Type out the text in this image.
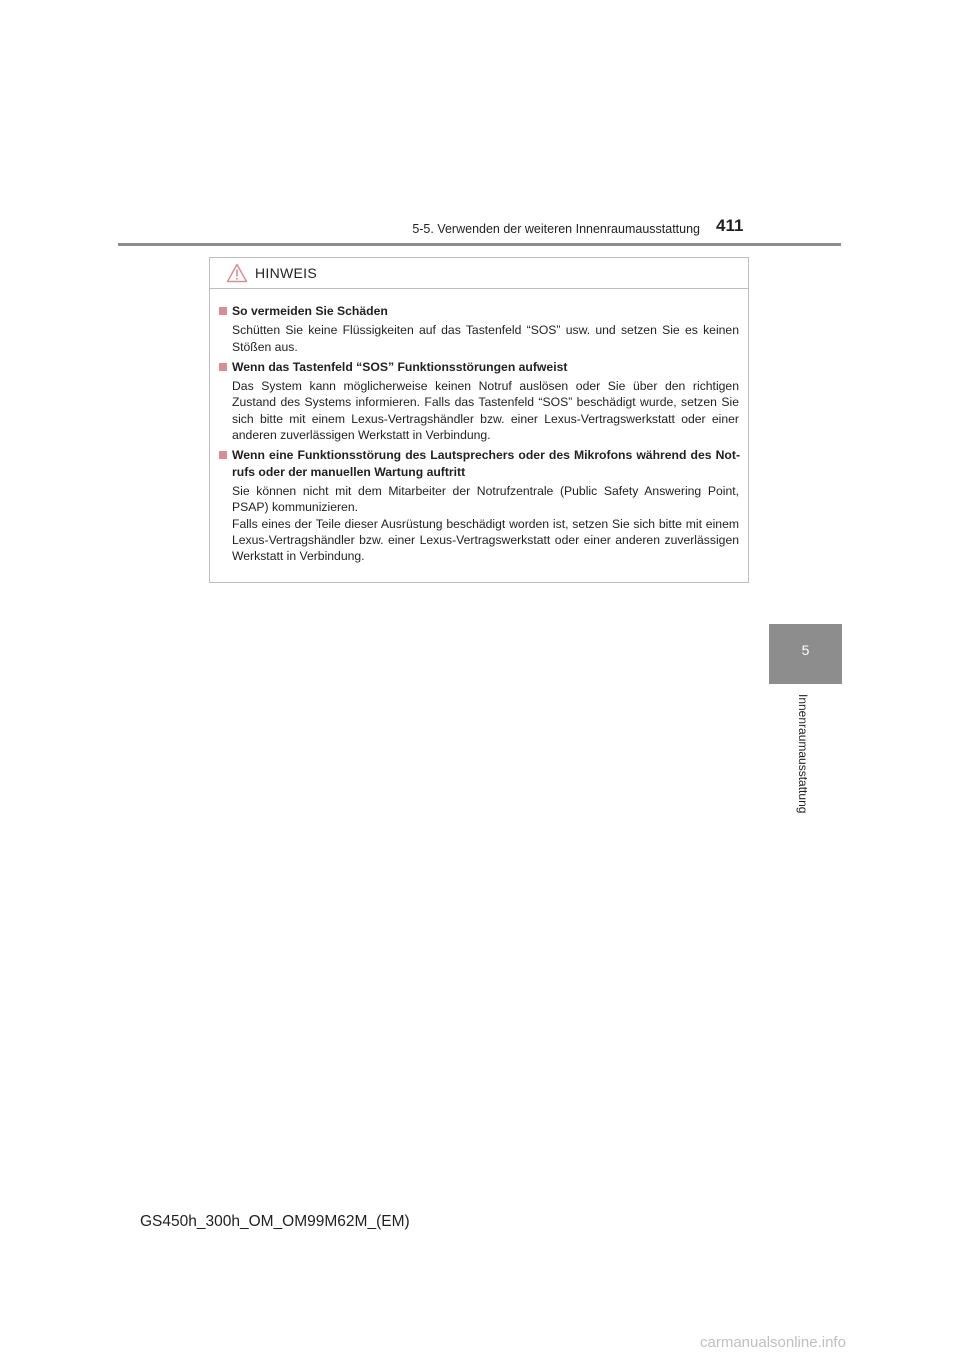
5-5. Verwenden der weiteren Innenraumausstattung 411
5
Innenraumausstattung
HINWEIS
So vermeiden Sie Schäden

Schütten Sie keine Flüssigkeiten auf das Tastenfeld “SOS” usw. und setzen Sie es keinen Stößen aus.

Wenn das Tastenfeld “SOS” Funktionsstörungen aufweist

Das System kann möglicherweise keinen Notruf auslösen oder Sie über den richtigen Zustand des Systems informieren. Falls das Tastenfeld “SOS” beschädigt wurde, setzen Sie sich bitte mit einem Lexus-Vertragshändler bzw. einer Lexus-Vertragswerkstatt oder einer anderen zuverlässigen Werkstatt in Verbindung.

Wenn eine Funktionsstörung des Lautsprechers oder des Mikrofons während des Not- rufs oder der manuellen Wartung auftritt

Sie können nicht mit dem Mitarbeiter der Notrufzentrale (Public Safety Answering Point, PSAP) kommunizieren.

Falls eines der Teile dieser Ausrüstung beschädigt worden ist, setzen Sie sich bitte mit einem Lexus-Vertragshändler bzw. einer Lexus-Vertragswerkstatt oder einer anderen zuverlässigen Werkstatt in Verbindung.

GS450h_300h_OM_OM99M62M_(EM)
carmanualsonline.info
